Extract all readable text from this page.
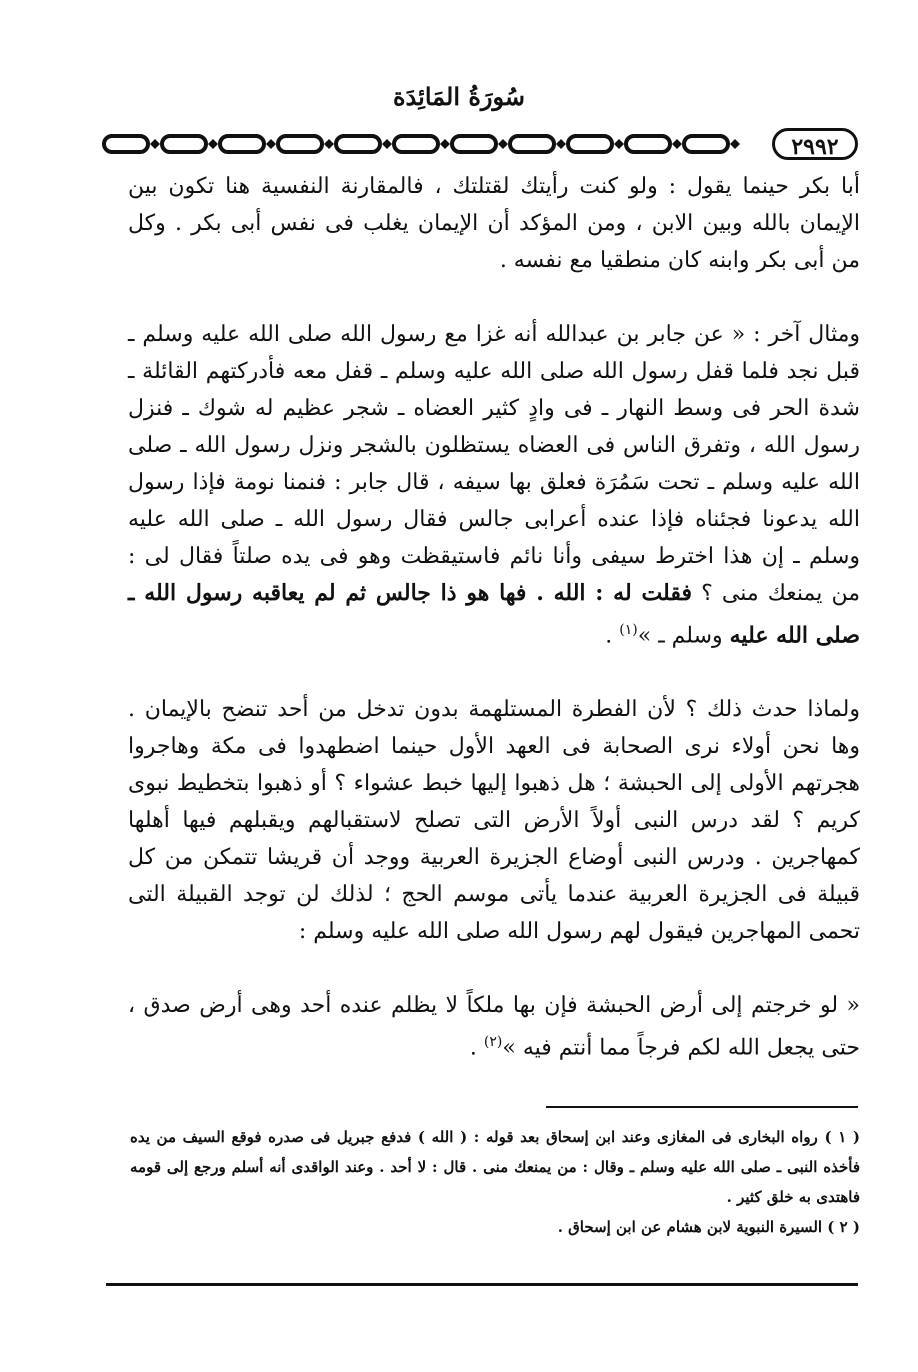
سُورَةُ المَائِدَة
٢٩٩٢

أبا بكر حينما يقول : ولو كنت رأيتك لقتلتك ، فالمقارنة النفسية هنا تكون بين الإيمان بالله وبين الابن ، ومن المؤكد أن الإيمان يغلب فى نفس أبى بكر . وكل من أبى بكر وابنه كان منطقيا مع نفسه .

ومثال آخر : « عن جابر بن عبدالله أنه غزا مع رسول الله صلى الله عليه وسلم ـ قبل نجد فلما قفل رسول الله صلى الله عليه وسلم ـ قفل معه فأدركتهم القائلة ـ شدة الحر فى وسط النهار ـ فى وادٍ كثير العضاه ـ شجر عظيم له شوك ـ فنزل رسول الله ، وتفرق الناس فى العضاه يستظلون بالشجر ونزل رسول الله ـ صلى الله عليه وسلم ـ تحت سَمُرَة فعلق بها سيفه ، قال جابر : فنمنا نومة فإذا رسول الله يدعونا فجئناه فإذا عنده أعرابى جالس فقال رسول الله ـ صلى الله عليه وسلم ـ إن هذا اخترط سيفى وأنا نائم فاستيقظت وهو فى يده صلتاً فقال لى : من يمنعك منى ؟ فقلت له : الله . فها هو ذا جالس ثم لم يعاقبه رسول الله ـ صلى الله عليه وسلم ـ »$^{(١)}$ .

ولماذا حدث ذلك ؟ لأن الفطرة المستلهمة بدون تدخل من أحد تنضح بالإيمان . وها نحن أولاء نرى الصحابة فى العهد الأول حينما اضطهدوا فى مكة وهاجروا هجرتهم الأولى إلى الحبشة ؛ هل ذهبوا إليها خبط عشواء ؟ أو ذهبوا بتخطيط نبوى كريم ؟ لقد درس النبى أولاً الأرض التى تصلح لاستقبالهم ويقبلهم فيها أهلها كمهاجرين . ودرس النبى أوضاع الجزيرة العربية ووجد أن قريشا تتمكن من كل قبيلة فى الجزيرة العربية عندما يأتى موسم الحج ؛ لذلك لن توجد القبيلة التى تحمى المهاجرين فيقول لهم رسول الله صلى الله عليه وسلم :

« لو خرجتم إلى أرض الحبشة فإن بها ملكاً لا يظلم عنده أحد وهى أرض صدق ، حتى يجعل الله لكم فرجاً مما أنتم فيه »$^{(٢)}$ .

( ١ ) رواه البخارى فى المغازى وعند ابن إسحاق بعد قوله : ( الله ) فدفع جبريل فى صدره فوقع السيف من يده فأخذه النبى ـ صلى الله عليه وسلم ـ وقال : من يمنعك منى . قال : لا أحد . وعند الواقدى أنه أسلم ورجع إلى قومه فاهتدى به خلق كثير .

( ٢ ) السيرة النبوية لابن هشام عن ابن إسحاق .
